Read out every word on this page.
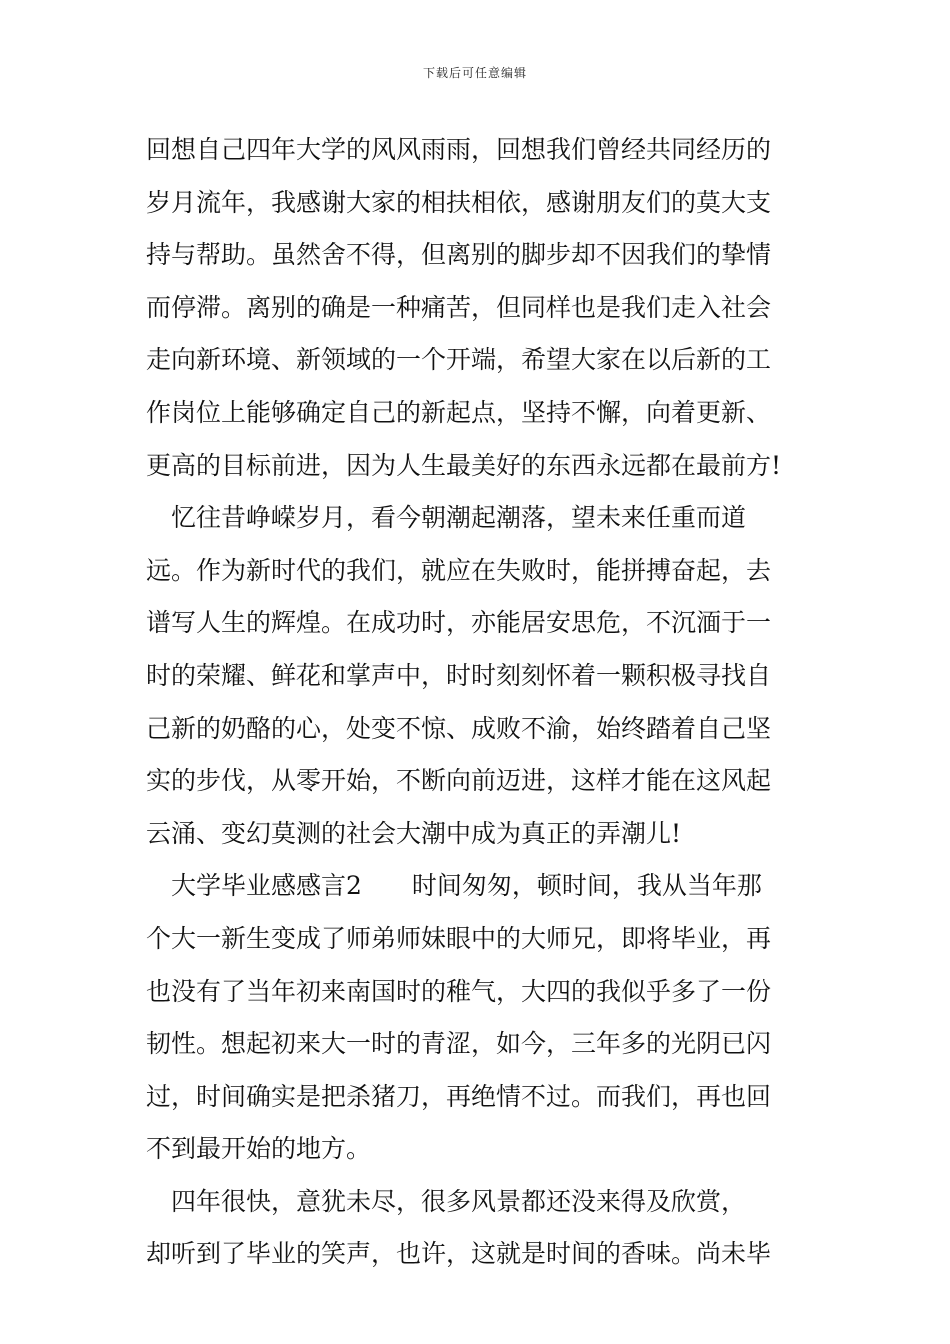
下载后可任意编辑
回想自己四年大学的风风雨雨，回想我们曾经共同经历的
岁月流年，我感谢大家的相扶相依，感谢朋友们的莫大支
持与帮助。虽然舍不得，但离别的脚步却不因我们的挚情
而停滞。离别的确是一种痛苦，但同样也是我们走入社会
走向新环境、新领域的一个开端，希望大家在以后新的工
作岗位上能够确定自己的新起点，坚持不懈，向着更新、
更高的目标前进，因为人生最美好的东西永远都在最前方!
　忆往昔峥嵘岁月，看今朝潮起潮落，望未来任重而道
远。作为新时代的我们，就应在失败时，能拼搏奋起，去
谱写人生的辉煌。在成功时，亦能居安思危，不沉湎于一
时的荣耀、鲜花和掌声中，时时刻刻怀着一颗积极寻找自
己新的奶酪的心，处变不惊、成败不渝，始终踏着自己坚
实的步伐，从零开始，不断向前迈进，这样才能在这风起
云涌、变幻莫测的社会大潮中成为真正的弄潮儿!
　大学毕业感感言2　　时间匆匆，顿时间，我从当年那
个大一新生变成了师弟师妹眼中的大师兄，即将毕业，再
也没有了当年初来南国时的稚气，大四的我似乎多了一份
韧性。想起初来大一时的青涩，如今，三年多的光阴已闪
过，时间确实是把杀猪刀，再绝情不过。而我们，再也回
不到最开始的地方。
　四年很快，意犹未尽，很多风景都还没来得及欣赏，
却听到了毕业的笑声，也许，这就是时间的香味。尚未毕
